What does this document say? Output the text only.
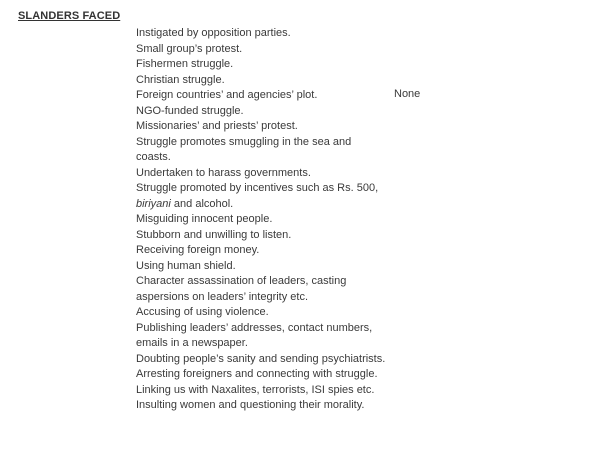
SLANDERS FACED
Instigated by opposition parties.
Small group’s protest.
Fishermen struggle.
Christian struggle.
Foreign countries’ and agencies’ plot.
NGO-funded struggle.
Missionaries’ and priests’ protest.
Struggle promotes smuggling in the sea and coasts.
Undertaken to harass governments.
Struggle promoted by incentives such as Rs. 500, biriyani and alcohol.
Misguiding innocent people.
Stubborn and unwilling to listen.
Receiving foreign money.
Using human shield.
Character assassination of leaders, casting aspersions on leaders’ integrity etc.
Accusing of using violence.
Publishing leaders’ addresses, contact numbers, emails in a newspaper.
Doubting people’s sanity and sending psychiatrists.
Arresting foreigners and connecting with struggle.
Linking us with Naxalites, terrorists, ISI spies etc.
Insulting women and questioning their morality.
None
